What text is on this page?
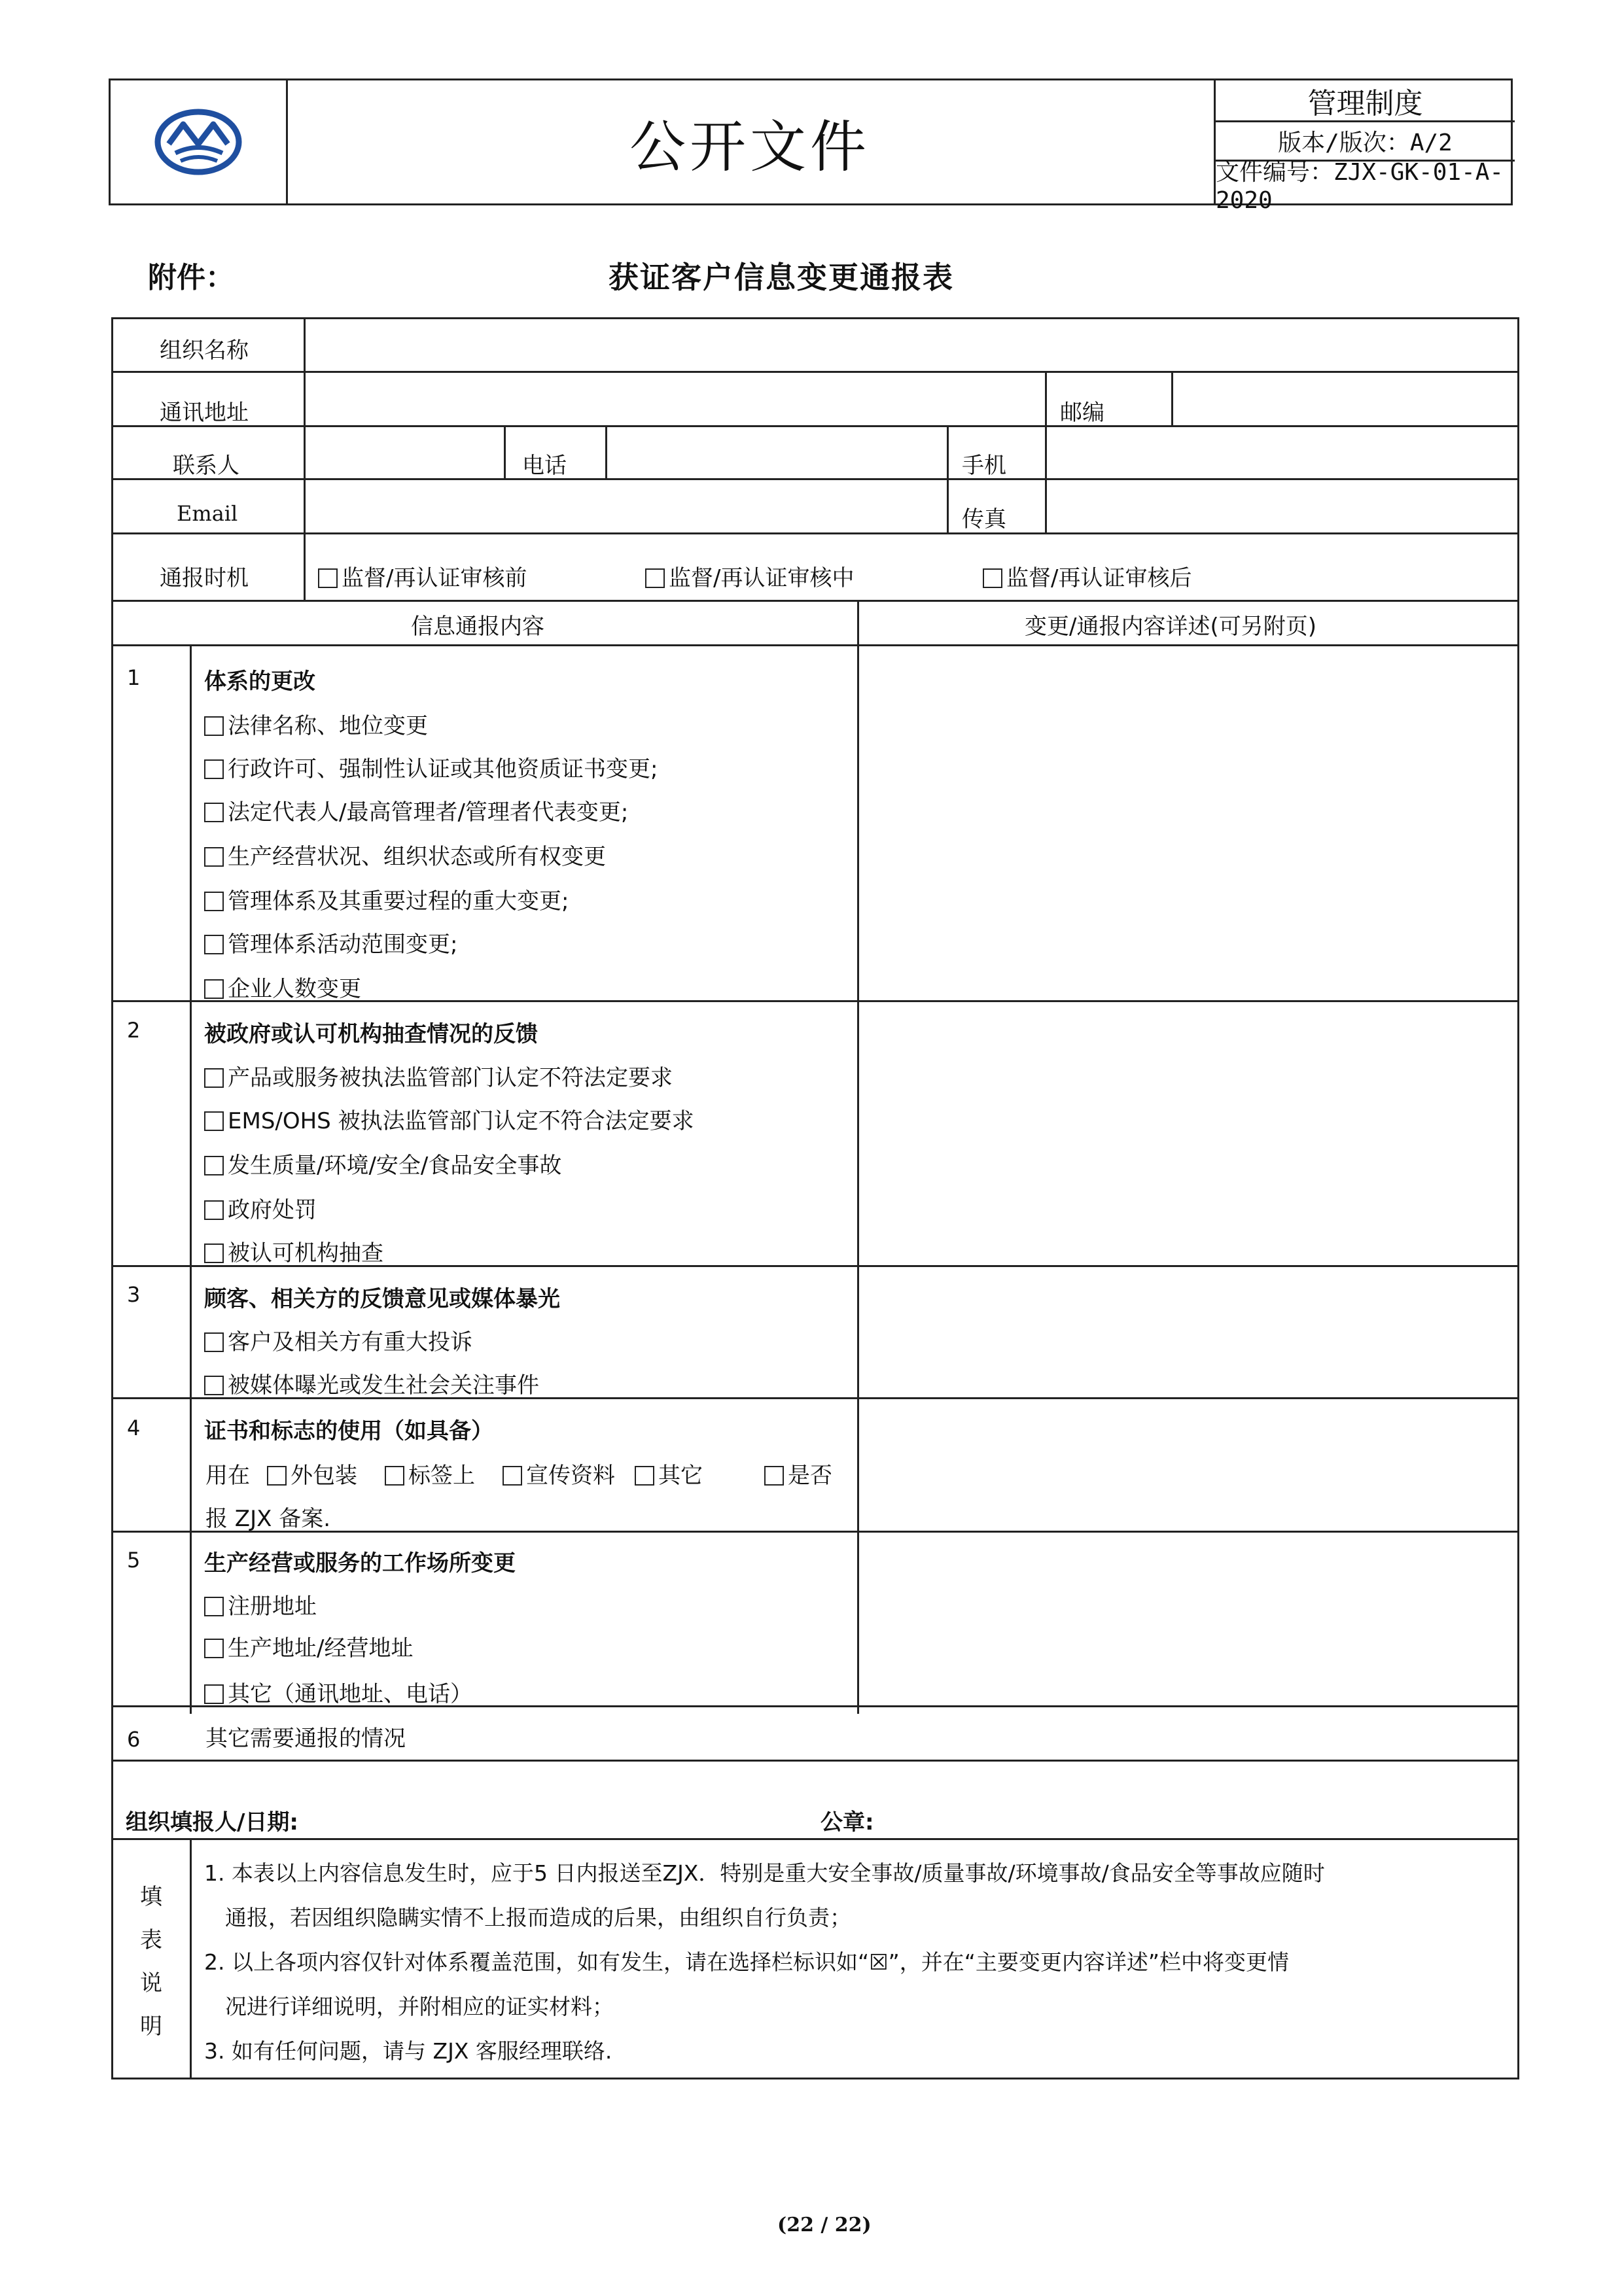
公开文件
管理制度
版本/版次：A/2
文件编号：ZJX-GK-01-A-2020
附件：	获证客户信息变更通报表
组织名称
通讯地址	邮编
联系人	电话	手机
Email	传真
通报时机	监督/再认证审核前	监督/再认证审核中	监督/再认证审核后
信息通报内容	变更/通报内容详述(可另附页)
1	体系的更改
法律名称、地位变更
行政许可、强制性认证或其他资质证书变更;
法定代表人/最高管理者/管理者代表变更;
生产经营状况、组织状态或所有权变更
管理体系及其重要过程的重大变更;
管理体系活动范围变更;
企业人数变更
2	被政府或认可机构抽查情况的反馈
产品或服务被执法监管部门认定不符法定要求
EMS/OHS 被执法监管部门认定不符合法定要求
发生质量/环境/安全/食品安全事故
政府处罚
被认可机构抽查
3	顾客、相关方的反馈意见或媒体暴光
客户及相关方有重大投诉
被媒体曝光或发生社会关注事件
4	证书和标志的使用（如具备）
用在	外包装	标签上	宣传资料	其它	是否
报 ZJX 备案.
5	生产经营或服务的工作场所变更
注册地址
生产地址/经营地址
其它（通讯地址、电话）
6	其它需要通报的情况
组织填报人/日期:	公章:
填
表
说
明
1. 本表以上内容信息发生时，应于5 日内报送至ZJX．特别是重大安全事故/质量事故/环境事故/食品安全等事故应随时
通报，若因组织隐瞒实情不上报而造成的后果，由组织自行负责；
2. 以上各项内容仅针对体系覆盖范围，如有发生，请在选择栏标识如“☒”，并在“主要变更内容详述”栏中将变更情
况进行详细说明，并附相应的证实材料；
3. 如有任何问题，请与 ZJX 客服经理联络.
(22 / 22)
